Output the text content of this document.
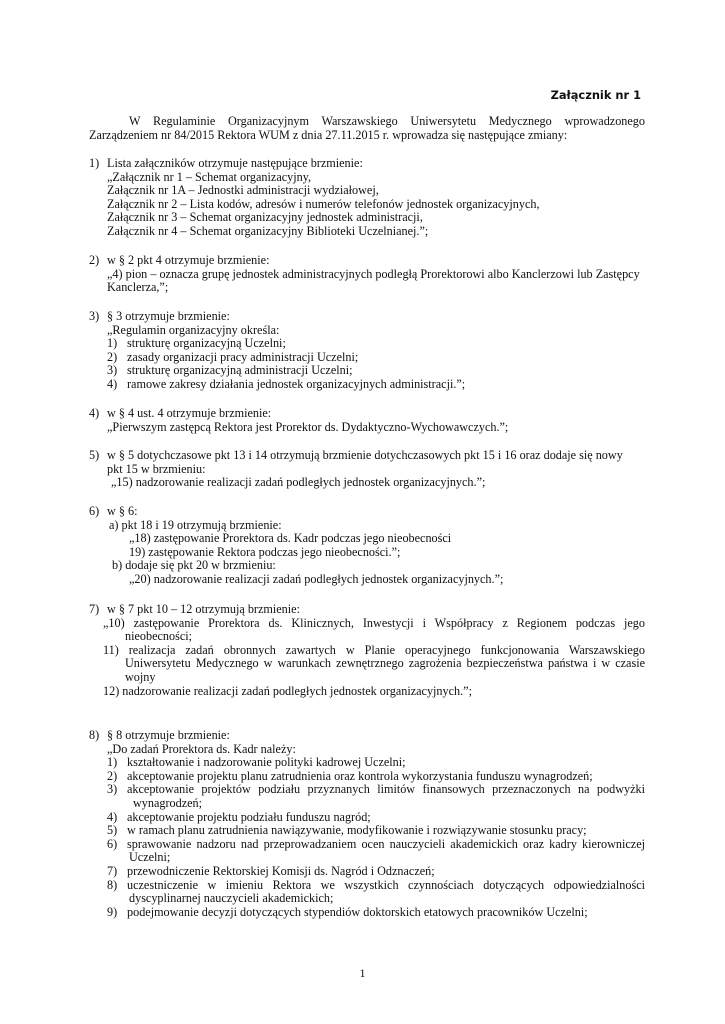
Załącznik nr 1
W Regulaminie Organizacyjnym Warszawskiego Uniwersytetu Medycznego wprowadzonego
Zarządzeniem nr 84/2015 Rektora WUM z dnia 27.11.2015 r. wprowadza się następujące zmiany:
1) Lista załączników otrzymuje następujące brzmienie:
„Załącznik nr 1 – Schemat organizacyjny,
Załącznik nr 1A – Jednostki administracji wydziałowej,
Załącznik nr 2 – Lista kodów, adresów i numerów telefonów jednostek organizacyjnych,
Załącznik nr 3 – Schemat organizacyjny jednostek administracji,
Załącznik nr 4 – Schemat organizacyjny Biblioteki Uczelnianej.”;
2) w § 2 pkt 4 otrzymuje brzmienie:
„4) pion – oznacza grupę jednostek administracyjnych podległą Prorektorowi albo Kanclerzowi lub Zastępcy
Kanclerza,”;
3) § 3 otrzymuje brzmienie:
„Regulamin organizacyjny określa:
1) strukturę organizacyjną Uczelni;
2) zasady organizacji pracy administracji Uczelni;
3) strukturę organizacyjną administracji Uczelni;
4) ramowe zakresy działania jednostek organizacyjnych administracji.”;
4) w § 4 ust. 4 otrzymuje brzmienie:
„Pierwszym zastępcą Rektora jest Prorektor ds. Dydaktyczno-Wychowawczych.”;
5) w § 5 dotychczasowe pkt 13 i 14 otrzymują brzmienie dotychczasowych pkt 15 i 16 oraz dodaje się nowy
pkt 15 w brzmieniu:
„15) nadzorowanie realizacji zadań podległych jednostek organizacyjnych.”;
6) w § 6:
a) pkt 18 i 19 otrzymują brzmienie:
„18) zastępowanie Prorektora ds. Kadr podczas jego nieobecności
19) zastępowanie Rektora podczas jego nieobecności.”;
b) dodaje się pkt 20 w brzmieniu:
„20) nadzorowanie realizacji zadań podległych jednostek organizacyjnych.”;
7) w § 7 pkt 10 – 12 otrzymują brzmienie:
„10) zastępowanie Prorektora ds. Klinicznych, Inwestycji i Współpracy z Regionem podczas jego
nieobecności;
11) realizacja zadań obronnych zawartych w Planie operacyjnego funkcjonowania Warszawskiego
Uniwersytetu Medycznego w warunkach zewnętrznego zagrożenia bezpieczeństwa państwa i w czasie
wojny
12) nadzorowanie realizacji zadań podległych jednostek organizacyjnych.”;
8) § 8 otrzymuje brzmienie:
„Do zadań Prorektora ds. Kadr należy:
1) kształtowanie i nadzorowanie polityki kadrowej Uczelni;
2) akceptowanie projektu planu zatrudnienia oraz kontrola wykorzystania funduszu wynagrodzeń;
3) akceptowanie projektów podziału przyznanych limitów finansowych przeznaczonych na podwyżki
wynagrodzeń;
4) akceptowanie projektu podziału funduszu nagród;
5) w ramach planu zatrudnienia nawiązywanie, modyfikowanie i rozwiązywanie stosunku pracy;
6) sprawowanie nadzoru nad przeprowadzaniem ocen nauczycieli akademickich oraz kadry kierowniczej
Uczelni;
7) przewodniczenie Rektorskiej Komisji ds. Nagród i Odznaczeń;
8) uczestniczenie w imieniu Rektora we wszystkich czynnościach dotyczących odpowiedzialności
dyscyplinarnej nauczycieli akademickich;
9) podejmowanie decyzji dotyczących stypendiów doktorskich etatowych pracowników Uczelni;
1
